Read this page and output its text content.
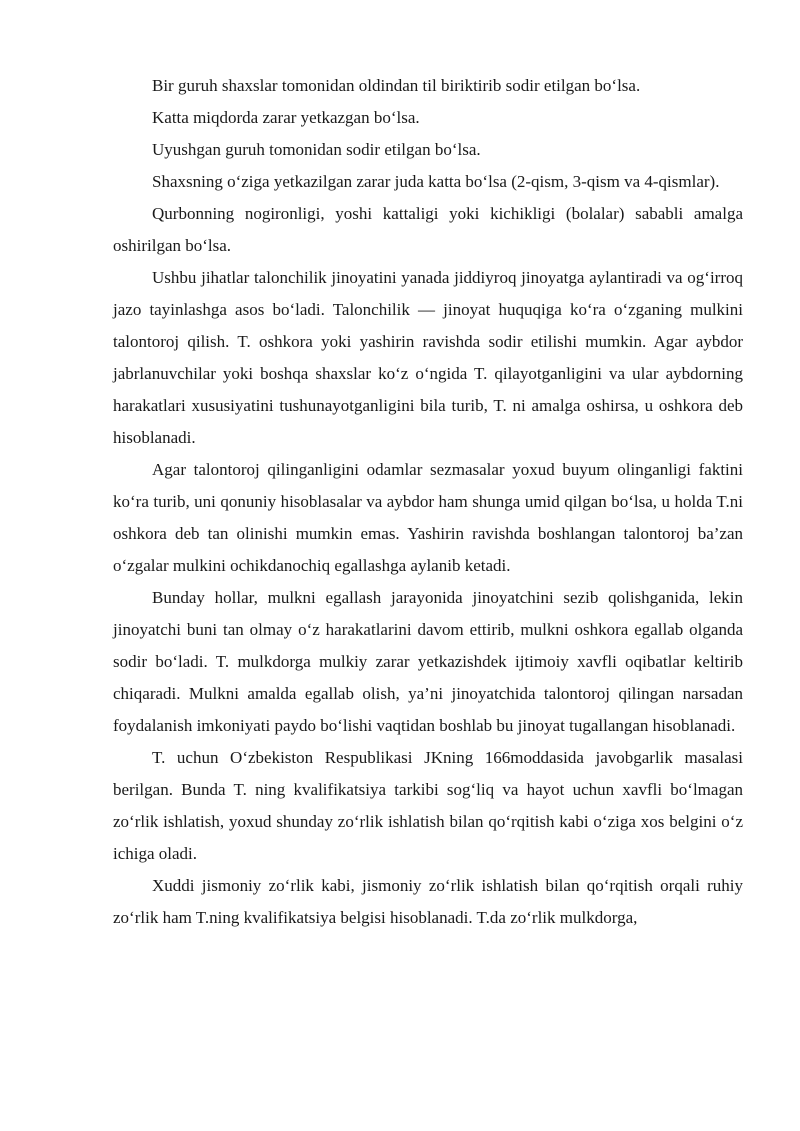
Bir guruh shaxslar tomonidan oldindan til biriktirib sodir etilgan bo‘lsa.

Katta miqdorda zarar yetkazgan bo‘lsa.

Uyushgan guruh tomonidan sodir etilgan bo‘lsa.

Shaxsning o‘ziga yetkazilgan zarar juda katta bo‘lsa (2-qism, 3-qism va 4-qismlar).

Qurbonning nogironligi, yoshi kattaligi yoki kichikligi (bolalar) sababli amalga oshirilgan bo‘lsa.

Ushbu jihatlar talonchilik jinoyatini yanada jiddiyroq jinoyatga aylantiradi va og‘irroq jazo tayinlashga asos bo‘ladi. Talonchilik — jinoyat huquqiga ko‘ra o‘zganing mulkini talontoroj qilish. T. oshkora yoki yashirin ravishda sodir etilishi mumkin. Agar aybdor jabrlanuvchilar yoki boshqa shaxslar ko‘z o‘ngida T. qilayotganligini va ular aybdorning harakatlari xususiyatini tushunayotganligini bila turib, T. ni amalga oshirsa, u oshkora deb hisoblanadi.

Agar talontoroj qilinganligini odamlar sezmasalar yoxud buyum olinganligi faktini ko‘ra turib, uni qonuniy hisoblasalar va aybdor ham shunga umid qilgan bo‘lsa, u holda T.ni oshkora deb tan olinishi mumkin emas. Yashirin ravishda boshlangan talontoroj ba’zan o‘zgalar mulkini ochikdanochiq egallashga aylanib ketadi.

Bunday hollar, mulkni egallash jarayonida jinoyatchini sezib qolishganida, lekin jinoyatchi buni tan olmay o‘z harakatlarini davom ettirib, mulkni oshkora egallab olganda sodir bo‘ladi. T. mulkdorga mulkiy zarar yetkazishdek ijtimoiy xavfli oqibatlar keltirib chiqaradi. Mulkni amalda egallab olish, ya’ni jinoyatchida talontoroj qilingan narsadan foydalanish imkoniyati paydo bo‘lishi vaqtidan boshlab bu jinoyat tugallangan hisoblanadi.

T. uchun O‘zbekiston Respublikasi JKning 166moddasida javobgarlik masalasi berilgan. Bunda T. ning kvalifikatsiya tarkibi sog‘liq va hayot uchun xavfli bo‘lmagan zo‘rlik ishlatish, yoxud shunday zo‘rlik ishlatish bilan qo‘rqitish kabi o‘ziga xos belgini o‘z ichiga oladi.

Xuddi jismoniy zo‘rlik kabi, jismoniy zo‘rlik ishlatish bilan qo‘rqitish orqali ruhiy zo‘rlik ham T.ning kvalifikatsiya belgisi hisoblanadi. T.da zo‘rlik mulkdorga,
